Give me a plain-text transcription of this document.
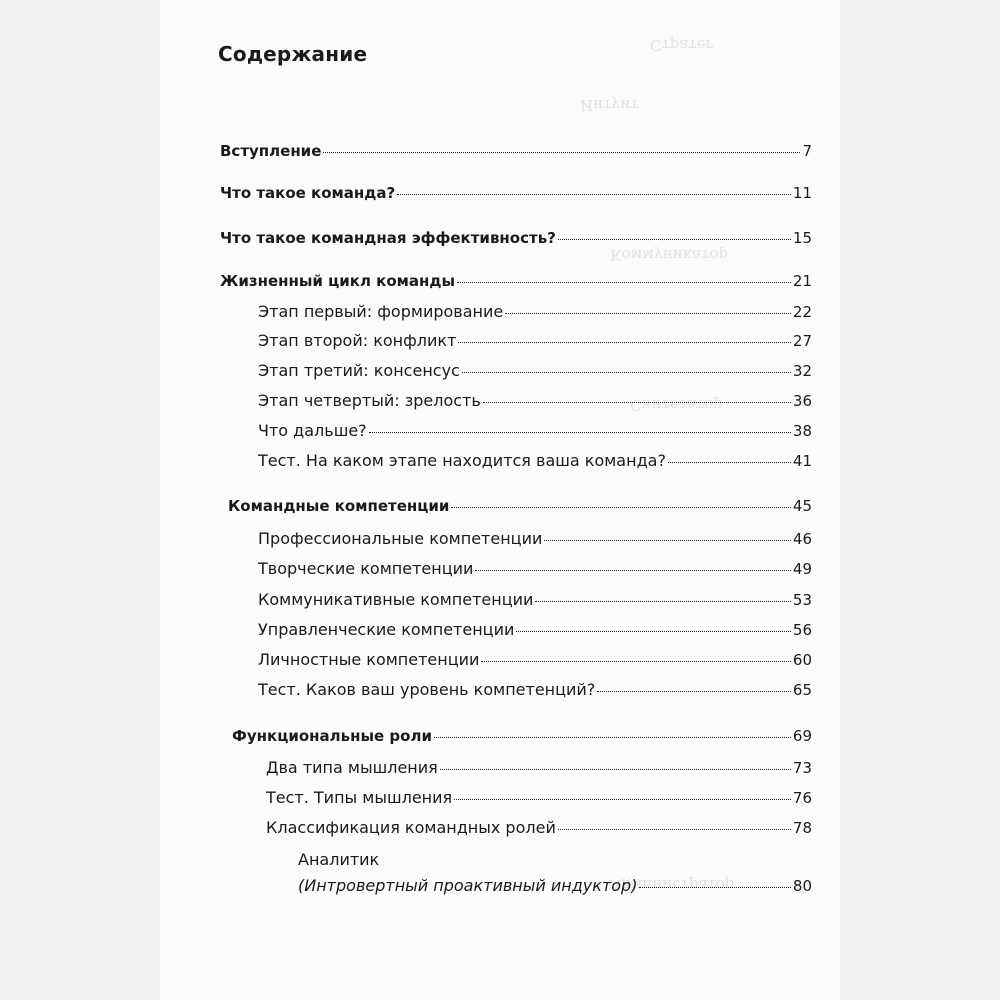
Стратег
Интуит
Коммуникатор
Синтезатор
Администратор
Содержание
Вступление	7
Что такое команда?	11
Что такое командная эффективность?	15
Жизненный цикл команды	21
Этап первый: формирование	22
Этап второй: конфликт	27
Этап третий: консенсус	32
Этап четвертый: зрелость	36
Что дальше?	38
Тест. На каком этапе находится ваша команда?	41
Командные компетенции	45
Профессиональные компетенции	46
Творческие компетенции	49
Коммуникативные компетенции	53
Управленческие компетенции	56
Личностные компетенции	60
Тест. Каков ваш уровень компетенций?	65
Функциональные роли	69
Два типа мышления	73
Тест. Типы мышления	76
Классификация командных ролей	78
Аналитик
(Интровертный проактивный индуктор)	80
